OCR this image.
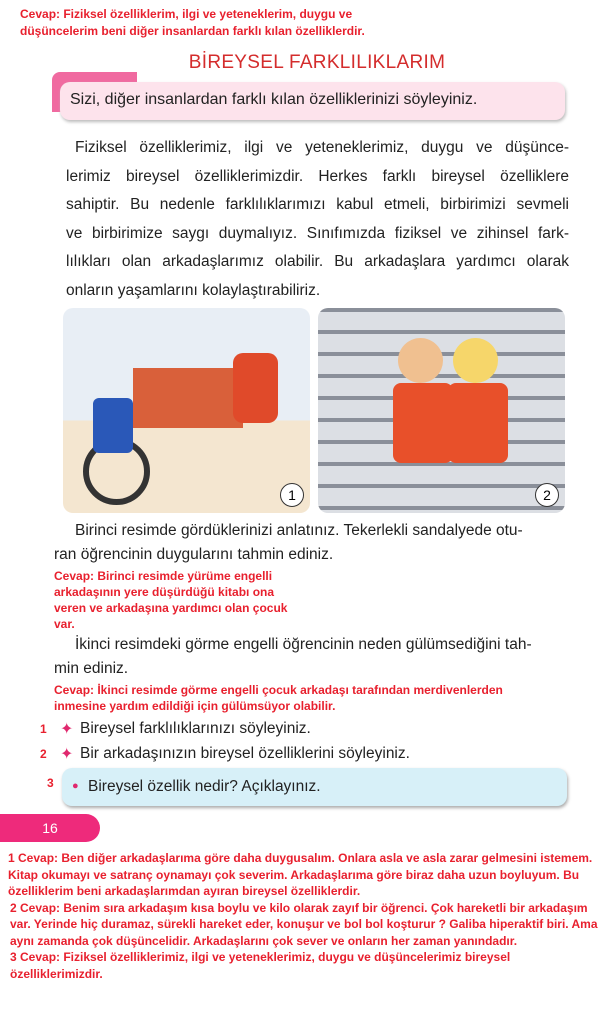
Cevap: Fiziksel özelliklerim, ilgi ve yeteneklerim, duygu ve
düşüncelerim beni diğer insanlardan farklı kılan özelliklerdir.
BİREYSEL FARKLILIKLARIM
Sizi, diğer insanlardan farklı kılan özelliklerinizi söyleyiniz.
Fiziksel özelliklerimiz, ilgi ve yeteneklerimiz, duygu ve düşünce-
lerimiz bireysel özelliklerimizdir. Herkes farklı bireysel özelliklere
sahiptir. Bu nedenle farklılıklarımızı kabul etmeli, birbirimizi sevmeli
ve birbirimize saygı duymalıyız. Sınıfımızda fiziksel ve zihinsel fark-
lılıkları olan arkadaşlarımız olabilir. Bu arkadaşlara yardımcı olarak
onların yaşamlarını kolaylaştırabiliriz.
1	2
Birinci resimde gördüklerinizi anlatınız. Tekerlekli sandalyede otu-
ran öğrencinin duygularını tahmin ediniz.
Cevap: Birinci resimde yürüme engelli
arkadaşının yere düşürdüğü kitabı ona
veren ve arkadaşına yardımcı olan çocuk
var.
İkinci resimdeki görme engelli öğrencinin neden gülümsediğini tah-
min ediniz.
Cevap: İkinci resimde görme engelli çocuk arkadaşı tarafından merdivenlerden
inmesine yardım edildiği için gülümsüyor olabilir.
1 ✦ Bireysel farklılıklarınızı söyleyiniz.
2 ✦ Bir arkadaşınızın bireysel özelliklerini söyleyiniz.
3 ● Bireysel özellik nedir? Açıklayınız.
16
1 Cevap: Ben diğer arkadaşlarıma göre daha duygusalım. Onlara asla ve asla zarar gelmesini istemem. Kitap okumayı ve satranç oynamayı çok severim. Arkadaşlarıma göre biraz daha uzun boyluyum. Bu özelliklerim beni arkadaşlarımdan ayıran bireysel özelliklerdir.
2 Cevap: Benim sıra arkadaşım kısa boylu ve kilo olarak zayıf bir öğrenci. Çok hareketli bir arkadaşım var. Yerinde hiç duramaz, sürekli hareket eder, konuşur ve bol bol koşturur ? Galiba hiperaktif biri. Ama aynı zamanda çok düşüncelidir. Arkadaşlarını çok sever ve onların her zaman yanındadır.
3 Cevap: Fiziksel özelliklerimiz, ilgi ve yeteneklerimiz, duygu ve düşüncelerimiz bireysel özelliklerimizdir.
